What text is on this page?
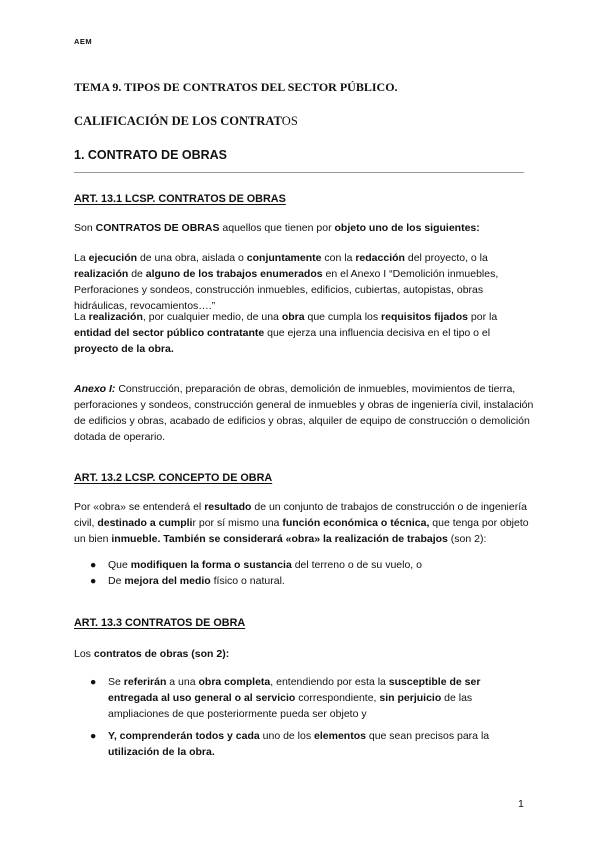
AEM
TEMA 9. TIPOS DE CONTRATOS DEL SECTOR PÚBLICO.
CALIFICACIÓN DE LOS CONTRATOS
1. CONTRATO DE OBRAS
ART. 13.1 LCSP. CONTRATOS DE OBRAS
Son CONTRATOS DE OBRAS aquellos que tienen por objeto uno de los siguientes:
La ejecución de una obra, aislada o conjuntamente con la redacción del proyecto, o la realización de alguno de los trabajos enumerados en el Anexo I “Demolición inmuebles, Perforaciones y sondeos, construcción inmuebles, edificios, cubiertas, autopistas, obras hidráulicas, revocamientos….”
La realización, por cualquier medio, de una obra que cumpla los requisitos fijados por la entidad del sector público contratante que ejerza una influencia decisiva en el tipo o el proyecto de la obra.
Anexo I: Construcción, preparación de obras, demolición de inmuebles, movimientos de tierra, perforaciones y sondeos, construcción general de inmuebles y obras de ingeniería civil, instalación de edificios y obras, acabado de edificios y obras, alquiler de equipo de construcción o demolición dotada de operario.
ART. 13.2 LCSP. CONCEPTO DE OBRA
Por «obra» se entenderá el resultado de un conjunto de trabajos de construcción o de ingeniería civil, destinado a cumplir por sí mismo una función económica o técnica, que tenga por objeto un bien inmueble. También se considerará «obra» la realización de trabajos (son 2):
● Que modifiquen la forma o sustancia del terreno o de su vuelo, o
● De mejora del medio físico o natural.
ART. 13.3 CONTRATOS DE OBRA
Los contratos de obras (son 2):
● Se referirán a una obra completa, entendiendo por esta la susceptible de ser entregada al uso general o al servicio correspondiente, sin perjuicio de las ampliaciones de que posteriormente pueda ser objeto y
● Y, comprenderán todos y cada uno de los elementos que sean precisos para la utilización de la obra.
1
